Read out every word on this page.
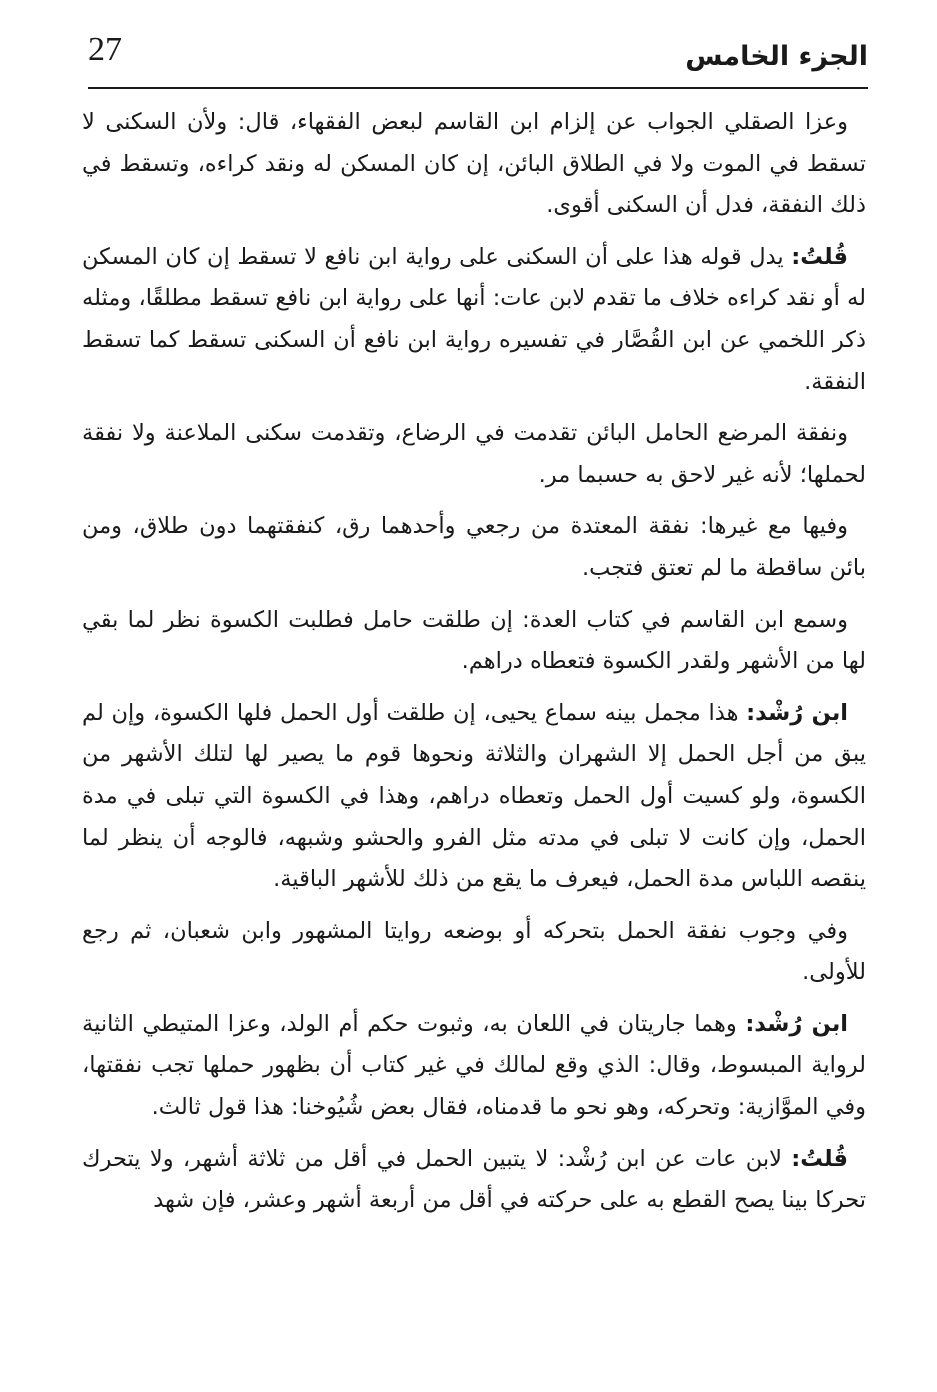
27	الجزء الخامس

وعزا الصقلي الجواب عن إلزام ابن القاسم لبعض الفقهاء، قال: ولأن السكنى لا تسقط في الموت ولا في الطلاق البائن، إن كان المسكن له ونقد كراءه، وتسقط في ذلك النفقة، فدل أن السكنى أقوى.

قُلتُ: يدل قوله هذا على أن السكنى على رواية ابن نافع لا تسقط إن كان المسكن له أو نقد كراءه خلاف ما تقدم لابن عات: أنها على رواية ابن نافع تسقط مطلقًا، ومثله ذكر اللخمي عن ابن القُصَّار في تفسيره رواية ابن نافع أن السكنى تسقط كما تسقط النفقة.

ونفقة المرضع الحامل البائن تقدمت في الرضاع، وتقدمت سكنى الملاعنة ولا نفقة لحملها؛ لأنه غير لاحق به حسبما مر.

وفيها مع غيرها: نفقة المعتدة من رجعي وأحدهما رق، كنفقتهما دون طلاق، ومن بائن ساقطة ما لم تعتق فتجب.

وسمع ابن القاسم في كتاب العدة: إن طلقت حامل فطلبت الكسوة نظر لما بقي لها من الأشهر ولقدر الكسوة فتعطاه دراهم.

ابن رُشْد: هذا مجمل بينه سماع يحيى، إن طلقت أول الحمل فلها الكسوة، وإن لم يبق من أجل الحمل إلا الشهران والثلاثة ونحوها قوم ما يصير لها لتلك الأشهر من الكسوة، ولو كسيت أول الحمل وتعطاه دراهم، وهذا في الكسوة التي تبلى في مدة الحمل، وإن كانت لا تبلى في مدته مثل الفرو والحشو وشبهه، فالوجه أن ينظر لما ينقصه اللباس مدة الحمل، فيعرف ما يقع من ذلك للأشهر الباقية.

وفي وجوب نفقة الحمل بتحركه أو بوضعه روايتا المشهور وابن شعبان، ثم رجع للأولى.

ابن رُشْد: وهما جاريتان في اللعان به، وثبوت حكم أم الولد، وعزا المتيطي الثانية لرواية المبسوط، وقال: الذي وقع لمالك في غير كتاب أن بظهور حملها تجب نفقتها، وفي الموَّازية: وتحركه، وهو نحو ما قدمناه، فقال بعض شُيُوخنا: هذا قول ثالث.

قُلتُ: لابن عات عن ابن رُشْد: لا يتبين الحمل في أقل من ثلاثة أشهر، ولا يتحرك تحركا بينا يصح القطع به على حركته في أقل من أربعة أشهر وعشر، فإن شهد
